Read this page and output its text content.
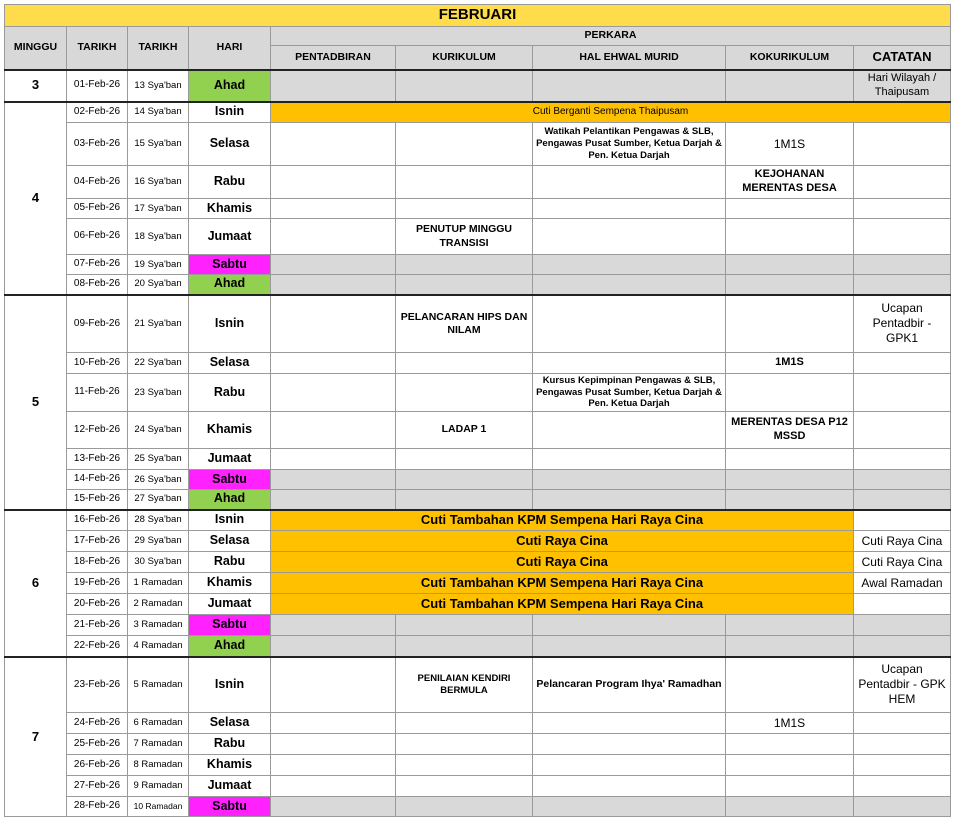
FEBRUARI								
MINGGU	TARIKH	TARIKH	HARI	PERKARA				
				PENTADBIRAN	KURIKULUM	HAL EHWAL MURID	KOKURIKULUM	CATATAN
3	01-Feb-26	13 Sya'ban	Ahad					Hari Wilayah / Thaipusam
4	02-Feb-26	14 Sya'ban	Isnin	Cuti Berganti Sempena Thaipusam				
	03-Feb-26	15 Sya'ban	Selasa			Watikah Pelantikan Pengawas & SLB, Pengawas Pusat Sumber, Ketua Darjah & Pen. Ketua Darjah	1M1S	
	04-Feb-26	16 Sya'ban	Rabu				KEJOHANAN MERENTAS DESA	
	05-Feb-26	17 Sya'ban	Khamis					
	06-Feb-26	18 Sya'ban	Jumaat		PENUTUP MINGGU TRANSISI			
	07-Feb-26	19 Sya'ban	Sabtu					
	08-Feb-26	20 Sya'ban	Ahad					
5	09-Feb-26	21 Sya'ban	Isnin		PELANCARAN HIPS DAN NILAM			Ucapan Pentadbir - GPK1
	10-Feb-26	22 Sya'ban	Selasa				1M1S	
	11-Feb-26	23 Sya'ban	Rabu			Kursus Kepimpinan Pengawas & SLB, Pengawas Pusat Sumber, Ketua Darjah & Pen. Ketua Darjah		
	12-Feb-26	24 Sya'ban	Khamis		LADAP 1		MERENTAS DESA P12 MSSD	
	13-Feb-26	25 Sya'ban	Jumaat					
	14-Feb-26	26 Sya'ban	Sabtu					
	15-Feb-26	27 Sya'ban	Ahad					
6	16-Feb-26	28 Sya'ban	Isnin	Cuti Tambahan KPM Sempena Hari Raya Cina				
	17-Feb-26	29 Sya'ban	Selasa	Cuti Raya Cina				Cuti Raya Cina
	18-Feb-26	30 Sya'ban	Rabu	Cuti Raya Cina				Cuti Raya Cina
	19-Feb-26	1 Ramadan	Khamis	Cuti Tambahan KPM Sempena Hari Raya Cina				Awal Ramadan
	20-Feb-26	2 Ramadan	Jumaat	Cuti Tambahan KPM Sempena Hari Raya Cina				
	21-Feb-26	3 Ramadan	Sabtu					
	22-Feb-26	4 Ramadan	Ahad					
7	23-Feb-26	5 Ramadan	Isnin		PENILAIAN KENDIRI BERMULA	Pelancaran Program Ihya' Ramadhan		Ucapan Pentadbir - GPK HEM
	24-Feb-26	6 Ramadan	Selasa				1M1S	
	25-Feb-26	7 Ramadan	Rabu					
	26-Feb-26	8 Ramadan	Khamis					
	27-Feb-26	9 Ramadan	Jumaat					
	28-Feb-26	10 Ramadan	Sabtu					
